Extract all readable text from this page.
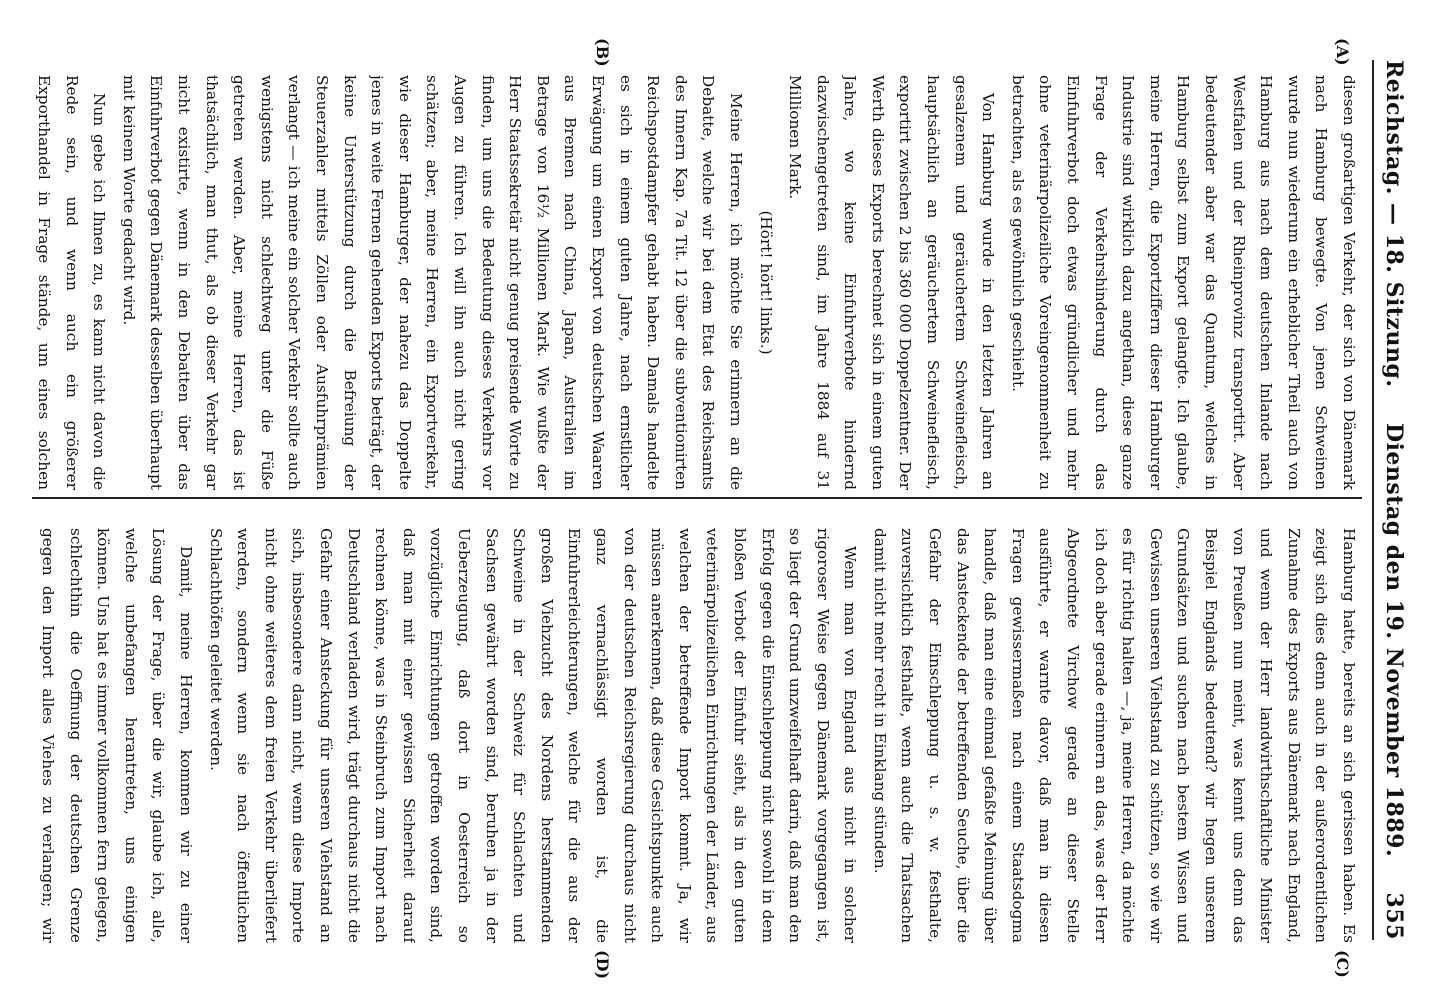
Reichstag. — 18. Sitzung.
Dienstag den 19. November 1889.
355
(A)
(B)
(C)
(D)

diesen großartigen Verkehr, der sich von Dänemark nach Hamburg bewegte. Von jenen Schweinen wurde nun wiederum ein erheblicher Theil auch von Hamburg aus nach dem deutschen Inlande nach Westfalen und der Rheinprovinz transportirt. Aber bedeutender aber war das Quantum, welches in Hamburg selbst zum Export gelangte. Ich glaube, meine Herren, die Exportziffern dieser Hamburger Industrie sind wirklich dazu angethan, diese ganze Frage der Verkehrshinderung durch das Einfuhrverbot doch etwas gründlicher und mehr ohne veterinärpolizeiliche Voreingenommenheit zu betrachten, als es gewöhnlich geschieht.

Von Hamburg wurde in den letzten Jahren an gesalzenem und geräuchertem Schweinefleisch, hauptsächlich an geräuchertem Schweinefleisch, exportirt zwischen 2 bis 360 000 Doppelzentner. Der Werth dieses Exports berechnet sich in einem guten Jahre, wo keine Einfuhrverbote hindernd dazwischengetreten sind, im Jahre 1884 auf 31 Millionen Mark.

(Hört! hört! links.)

Meine Herren, ich möchte Sie erinnern an die Debatte, welche wir bei dem Etat des Reichsamts des Innern Kap. 7a Tit. 12 über die subventionirten Reichspostdampfer gehabt haben. Damals handelte es sich in einem guten Jahre, nach ernstlicher Erwägung um einen Export von deutschen Waaren aus Bremen nach China, Japan, Australien im Betrage von 16½ Millionen Mark. Wie wußte der Herr Staatssekretär nicht genug preisende Worte zu finden, um uns die Bedeutung dieses Verkehrs vor Augen zu führen. Ich will ihn auch nicht gering schätzen; aber, meine Herren, ein Exportverkehr, wie dieser Hamburger, der nahezu das Doppelte jenes in weite Fernen gehenden Exports beträgt, der keine Unterstützung durch die Befreiung der Steuerzahler mittels Zöllen oder Ausfuhrprämien verlangt — ich meine ein solcher Verkehr sollte auch wenigstens nicht schlechtweg unter die Füße getreten werden. Aber, meine Herren, das ist thatsächlich, man thut, als ob dieser Verkehr gar nicht existirte, wenn in den Debatten über das Einfuhrverbot gegen Dänemark desselben überhaupt mit keinem Worte gedacht wird.

Nun gebe ich Ihnen zu, es kann nicht davon die Rede sein, und wenn auch ein größerer Exporthandel in Frage stände, um eines solchen

Hamburg hatte, bereits an sich gerissen haben. Es zeigt sich dies denn auch in der außerordentlichen Zunahme des Exports aus Dänemark nach England, und wenn der Herr landwirthschaftliche Minister von Preußen nun meint, was kennt uns denn das Beispiel Englands bedeutend? wir hegen unserem Grundsätzen und suchen nach bestem Wissen und Gewissen unseren Viehstand zu schützen, so wie wir es für richtig halten —, ja, meine Herren, da möchte ich doch aber gerade erinnern an das, was der Herr Abgeordnete Virchow gerade an dieser Stelle ausführte, er warnte davor, daß man in diesen Fragen gewissermaßen nach einem Staatsdogma handle, daß man eine einmal gefaßte Meinung über das Ansteckende der betreffenden Seuche, über die Gefahr der Einschleppung u. s. w. festhalte, zuversichtlich festhalte, wenn auch die Thatsachen damit nicht mehr recht in Einklang stünden.

Wenn man von England aus nicht in solcher rigoroser Weise gegen Dänemark vorgegangen ist, so liegt der Grund unzweifelhaft darin, daß man den Erfolg gegen die Einschleppung nicht sowohl in dem bloßen Verbot der Einfuhr sieht, als in den guten veterinärpolizeilichen Einrichtungen der Länder, aus welchen der betreffende Import kommt. Ja, wir müssen anerkennen, daß diese Gesichtspunkte auch von der deutschen Reichsregierung durchaus nicht ganz vernachlässigt worden ist, die Einfuhrerleichterungen, welche für die aus der großen Viehzucht des Nordens herstammenden Schweine in der Schweiz für Schlachten und Sachsen gewährt worden sind, beruhen ja in der Ueberzeugung, daß dort in Oesterreich so vorzügliche Einrichtungen getroffen worden sind, daß man mit einer gewissen Sicherheit darauf rechnen könne, was in Steinbruch zum Import nach Deutschland verladen wird, trägt durchaus nicht die Gefahr einer Ansteckung für unseren Viehstand an sich, insbesondere dann nicht, wenn diese Importe nicht ohne weiteres dem freien Verkehr überliefert werden, sondern wenn sie nach öffentlichen Schlachthöfen geleitet werden.

Damit, meine Herren, kommen wir zu einer Lösung der Frage, über die wir, glaube ich, alle, welche unbefangen herantreten, uns einigen können. Uns hat es immer vollkommen fern gelegen, schlechthin die Oeffnung der deutschen Grenze gegen den Import alles Viehes zu verlangen; wir
